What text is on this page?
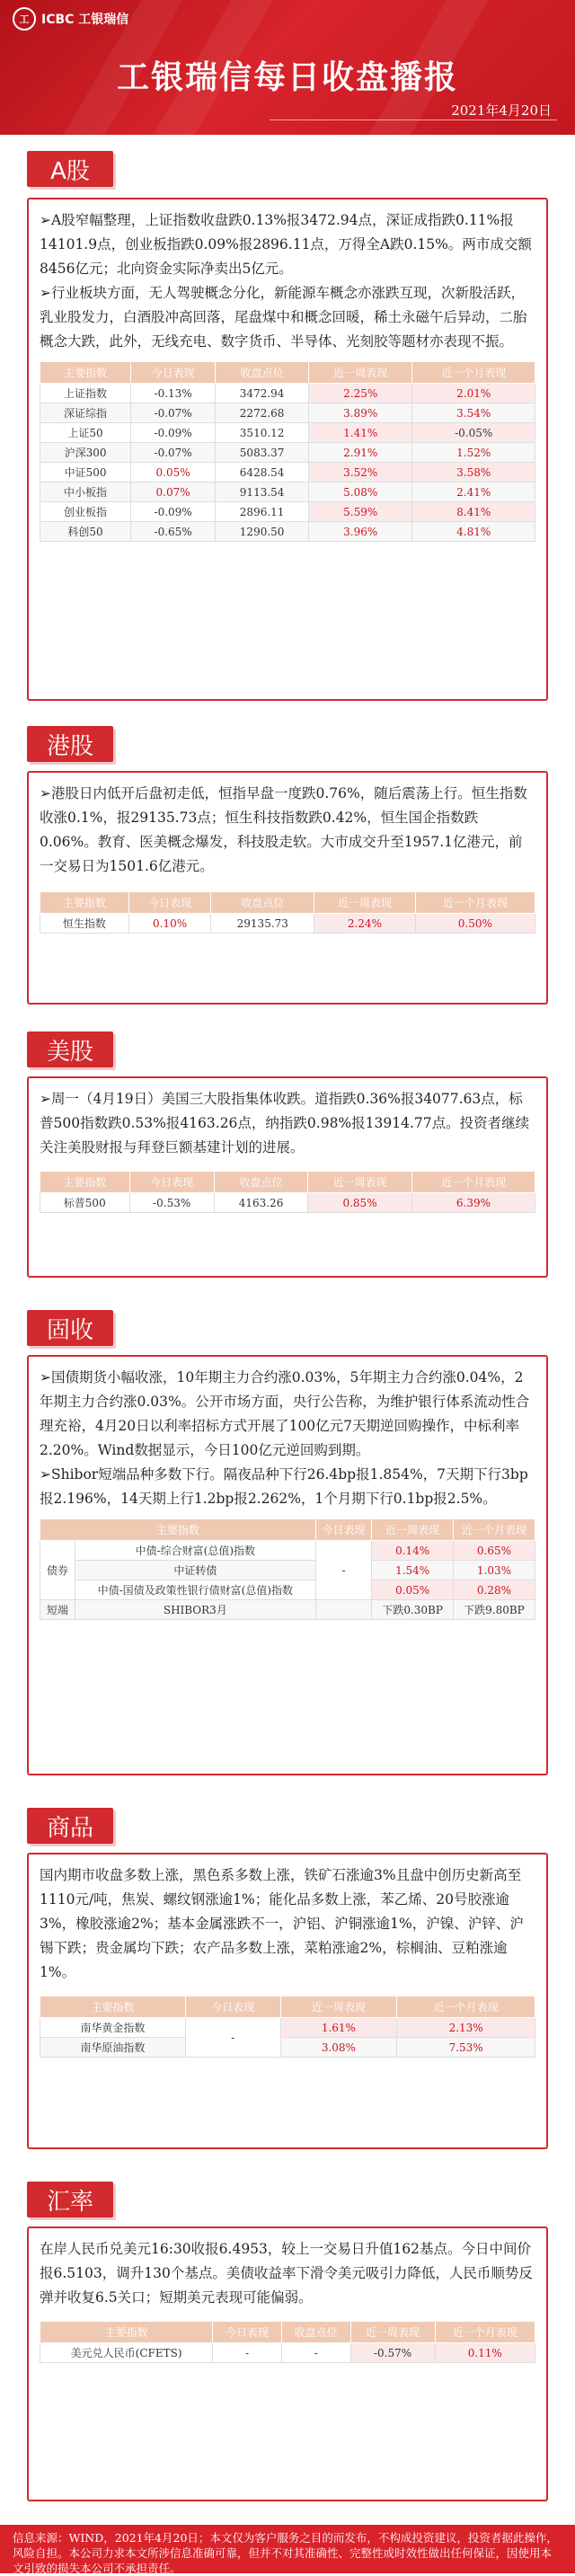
工 ICBC 工银瑞信
工银瑞信每日收盘播报
2021年4月20日
A股

➢A股窄幅整理，上证指数收盘跌0.13%报3472.94点，深证成指跌0.11%报14101.9点，创业板指跌0.09%报2896.11点，万得全A跌0.15%。两市成交额8456亿元；北向资金实际净卖出5亿元。

➢行业板块方面，无人驾驶概念分化，新能源车概念亦涨跌互现，次新股活跃，乳业股发力，白酒股冲高回落，尾盘煤中和概念回暖，稀土永磁午后异动，二胎概念大跌，此外，无线充电、数字货币、半导体、光刻胶等题材亦表现不振。

主要指数	今日表现	收盘点位	近一周表现	近一个月表现
上证指数	-0.13%	3472.94	2.25%	2.01%
深证综指	-0.07%	2272.68	3.89%	3.54%
上证50	-0.09%	3510.12	1.41%	-0.05%
沪深300	-0.07%	5083.37	2.91%	1.52%
中证500	0.05%	6428.54	3.52%	3.58%
中小板指	0.07%	9113.54	5.08%	2.41%
创业板指	-0.09%	2896.11	5.59%	8.41%
科创50	-0.65%	1290.50	3.96%	4.81%
港股

➢港股日内低开后盘初走低，恒指早盘一度跌0.76%，随后震荡上行。恒生指数收涨0.1%，报29135.73点；恒生科技指数跌0.42%，恒生国企指数跌0.06%。教育、医美概念爆发，科技股走软。大市成交升至1957.1亿港元，前一交易日为1501.6亿港元。

主要指数	今日表现	收盘点位	近一周表现	近一个月表现
恒生指数	0.10%	29135.73	2.24%	0.50%
美股

➢周一（4月19日）美国三大股指集体收跌。道指跌0.36%报34077.63点，标普500指数跌0.53%报4163.26点，纳指跌0.98%报13914.77点。投资者继续关注美股财报与拜登巨额基建计划的进展。

主要指数	今日表现	收盘点位	近一周表现	近一个月表现
标普500	-0.53%	4163.26	0.85%	6.39%
固收

➢国债期货小幅收涨，10年期主力合约涨0.03%，5年期主力合约涨0.04%，2年期主力合约涨0.03%。公开市场方面，央行公告称，为维护银行体系流动性合理充裕，4月20日以利率招标方式开展了100亿元7天期逆回购操作，中标利率2.20%。Wind数据显示，今日100亿元逆回购到期。

➢Shibor短端品种多数下行。隔夜品种下行26.4bp报1.854%，7天期下行3bp报2.196%，14天期上行1.2bp报2.262%，1个月期下行0.1bp报2.5%。

主要指数		今日表现	近一周表现	近一个月表现
债券	中债-综合财富(总值)指数	-	0.14%	0.65%
	中证转债		1.54%	1.03%
	中债-国债及政策性银行债财富(总值)指数		0.05%	0.28%
短端	SHIBOR3月		下跌0.30BP	下跌9.80BP
商品

国内期市收盘多数上涨，黑色系多数上涨，铁矿石涨逾3%且盘中创历史新高至1110元/吨，焦炭、螺纹钢涨逾1%；能化品多数上涨，苯乙烯、20号胶涨逾3%，橡胶涨逾2%；基本金属涨跌不一，沪铝、沪铜涨逾1%，沪镍、沪锌、沪锡下跌；贵金属均下跌；农产品多数上涨，菜粕涨逾2%，棕榈油、豆粕涨逾1%。

主要指数	今日表现	近一周表现	近一个月表现
南华黄金指数	-	1.61%	2.13%
南华原油指数		3.08%	7.53%
汇率

在岸人民币兑美元16:30收报6.4953，较上一交易日升值162基点。今日中间价报6.5103，调升130个基点。美债收益率下滑令美元吸引力降低，人民币顺势反弹并收复6.5关口；短期美元表现可能偏弱。

主要指数	今日表现	收盘点位	近一周表现	近一个月表现
美元兑人民币(CFETS)	-	-	-0.57%	0.11%
信息来源：WIND，2021年4月20日；本文仅为客户服务之目的而发布，不构成投资建议，投资者据此操作，风险自担。本公司力求本文所涉信息准确可靠，但并不对其准确性、完整性或时效性做出任何保证，因使用本文引致的损失本公司不承担责任。
